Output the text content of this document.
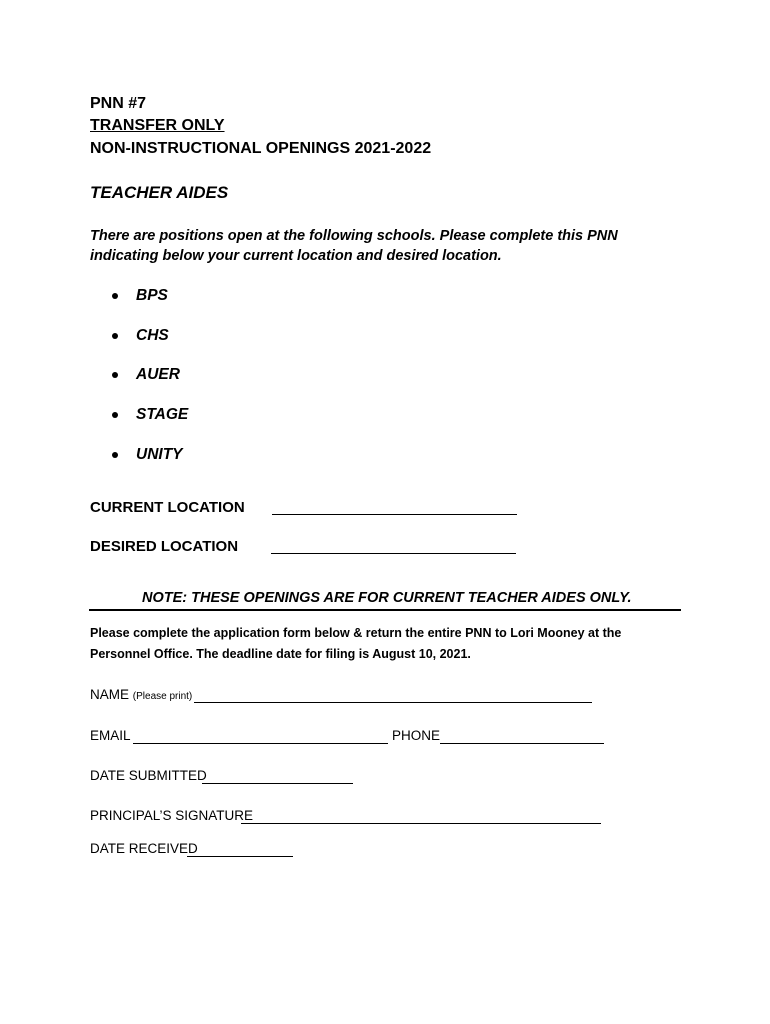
PNN #7
TRANSFER ONLY
NON-INSTRUCTIONAL OPENINGS 2021-2022
TEACHER AIDES
There are positions open at the following schools. Please complete this PNN
indicating below your current location and desired location.
BPS
CHS
AUER
STAGE
UNITY
CURRENT LOCATION
DESIRED LOCATION
NOTE: THESE OPENINGS ARE FOR CURRENT TEACHER AIDES ONLY.
Please complete the application form below & return the entire PNN to Lori Mooney at the
Personnel Office. The deadline date for filing is August 10, 2021.
NAME (Please print)
EMAIL	PHONE
DATE SUBMITTED
PRINCIPAL’S SIGNATURE
DATE RECEIVED
